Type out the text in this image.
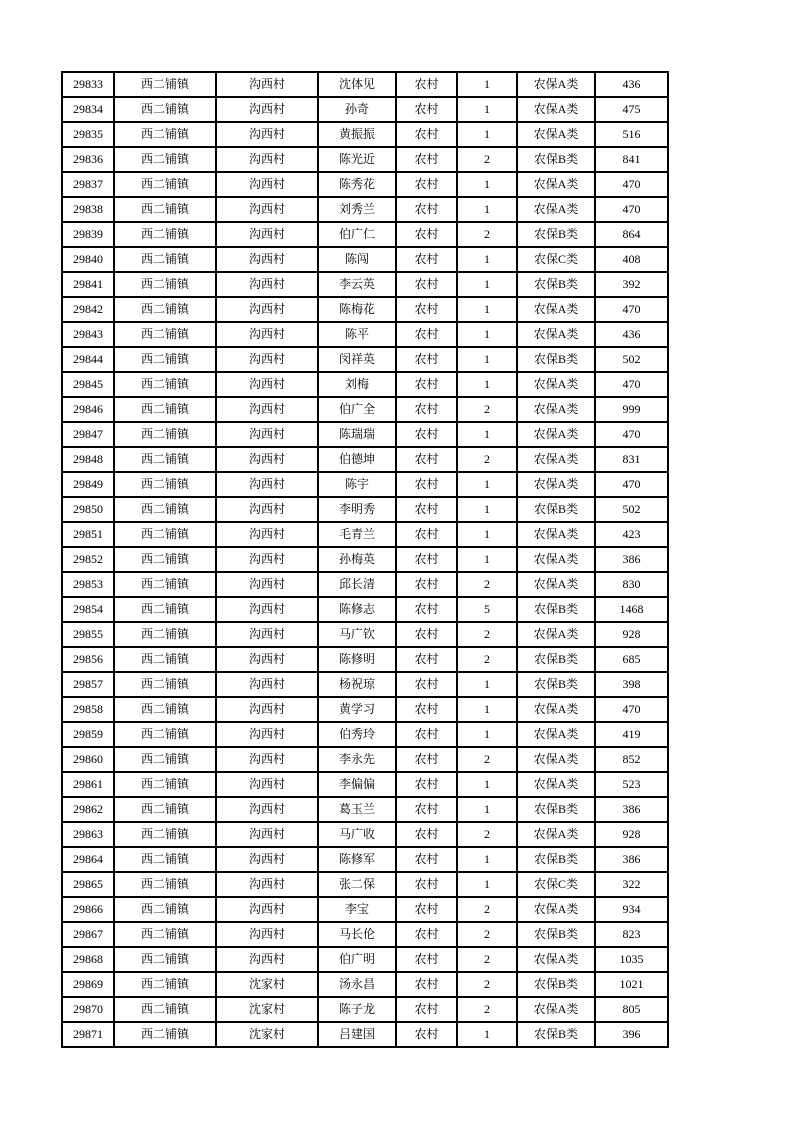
29833	西二铺镇	沟西村	沈体见	农村	1	农保A类	436
29834	西二铺镇	沟西村	孙奇	农村	1	农保A类	475
29835	西二铺镇	沟西村	黄振振	农村	1	农保A类	516
29836	西二铺镇	沟西村	陈光近	农村	2	农保B类	841
29837	西二铺镇	沟西村	陈秀花	农村	1	农保A类	470
29838	西二铺镇	沟西村	刘秀兰	农村	1	农保A类	470
29839	西二铺镇	沟西村	伯广仁	农村	2	农保B类	864
29840	西二铺镇	沟西村	陈闯	农村	1	农保C类	408
29841	西二铺镇	沟西村	李云英	农村	1	农保B类	392
29842	西二铺镇	沟西村	陈梅花	农村	1	农保A类	470
29843	西二铺镇	沟西村	陈平	农村	1	农保A类	436
29844	西二铺镇	沟西村	闵祥英	农村	1	农保B类	502
29845	西二铺镇	沟西村	刘梅	农村	1	农保A类	470
29846	西二铺镇	沟西村	伯广全	农村	2	农保A类	999
29847	西二铺镇	沟西村	陈瑞瑞	农村	1	农保A类	470
29848	西二铺镇	沟西村	伯德坤	农村	2	农保A类	831
29849	西二铺镇	沟西村	陈宇	农村	1	农保A类	470
29850	西二铺镇	沟西村	李明秀	农村	1	农保B类	502
29851	西二铺镇	沟西村	毛青兰	农村	1	农保A类	423
29852	西二铺镇	沟西村	孙梅英	农村	1	农保A类	386
29853	西二铺镇	沟西村	邱长清	农村	2	农保A类	830
29854	西二铺镇	沟西村	陈修志	农村	5	农保B类	1468
29855	西二铺镇	沟西村	马广钦	农村	2	农保A类	928
29856	西二铺镇	沟西村	陈修明	农村	2	农保B类	685
29857	西二铺镇	沟西村	杨祝琼	农村	1	农保B类	398
29858	西二铺镇	沟西村	黄学习	农村	1	农保A类	470
29859	西二铺镇	沟西村	伯秀玲	农村	1	农保A类	419
29860	西二铺镇	沟西村	李永先	农村	2	农保A类	852
29861	西二铺镇	沟西村	李偏偏	农村	1	农保A类	523
29862	西二铺镇	沟西村	葛玉兰	农村	1	农保B类	386
29863	西二铺镇	沟西村	马广收	农村	2	农保A类	928
29864	西二铺镇	沟西村	陈修军	农村	1	农保B类	386
29865	西二铺镇	沟西村	张二保	农村	1	农保C类	322
29866	西二铺镇	沟西村	李宝	农村	2	农保A类	934
29867	西二铺镇	沟西村	马长伦	农村	2	农保B类	823
29868	西二铺镇	沟西村	伯广明	农村	2	农保A类	1035
29869	西二铺镇	沈家村	汤永昌	农村	2	农保B类	1021
29870	西二铺镇	沈家村	陈子龙	农村	2	农保A类	805
29871	西二铺镇	沈家村	吕建国	农村	1	农保B类	396
